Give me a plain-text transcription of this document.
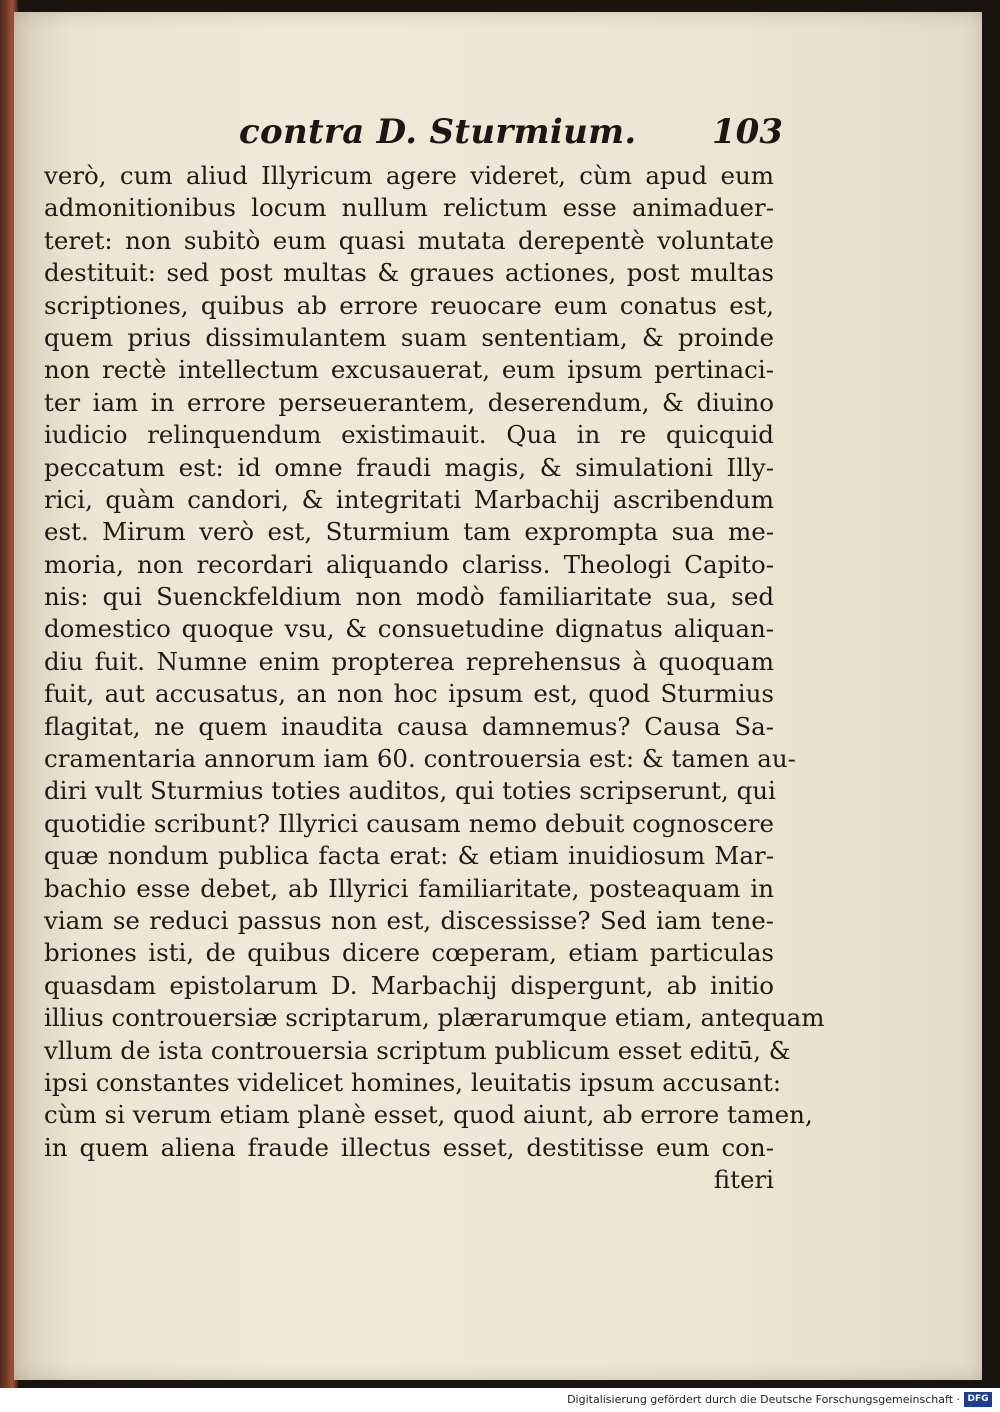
contra D. Sturmium. 103
verò, cum aliud Illyricum agere videret, cùm apud eum
admonitionibus locum nullum relictum esse animaduer-
teret: non subitò eum quasi mutata derepentè voluntate
destituit: sed post multas & graues actiones, post multas
scriptiones, quibus ab errore reuocare eum conatus est,
quem prius dissimulantem suam sententiam, & proinde
non rectè intellectum excusauerat, eum ipsum pertinaci-
ter iam in errore perseuerantem, deserendum, & diuino
iudicio relinquendum existimauit. Qua in re quicquid
peccatum est: id omne fraudi magis, & simulationi Illy-
rici, quàm candori, & integritati Marbachij ascribendum
est. Mirum verò est, Sturmium tam exprompta sua me-
moria, non recordari aliquando clariss. Theologi Capito-
nis: qui Suenckfeldium non modò familiaritate sua, sed
domestico quoque vsu, & consuetudine dignatus aliquan-
diu fuit. Numne enim propterea reprehensus à quoquam
fuit, aut accusatus, an non hoc ipsum est, quod Sturmius
flagitat, ne quem inaudita causa damnemus? Causa Sa-
cramentaria annorum iam 60. controuersia est: & tamen au-
diri vult Sturmius toties auditos, qui toties scripserunt, qui
quotidie scribunt? Illyrici causam nemo debuit cognoscere
quæ nondum publica facta erat: & etiam inuidiosum Mar-
bachio esse debet, ab Illyrici familiaritate, posteaquam in
viam se reduci passus non est, discessisse? Sed iam tene-
briones isti, de quibus dicere cœperam, etiam particulas
quasdam epistolarum D. Marbachij dispergunt, ab initio
illius controuersiæ scriptarum, plærarumque etiam, antequam
vllum de ista controuersia scriptum publicum esset editū, &
ipsi constantes videlicet homines, leuitatis ipsum accusant:
cùm si verum etiam planè esset, quod aiunt, ab errore tamen,
in quem aliena fraude illectus esset, destitisse eum con-
fiteri
Digitalisierung gefördert durch die Deutsche Forschungsgemeinschaft · DFG
